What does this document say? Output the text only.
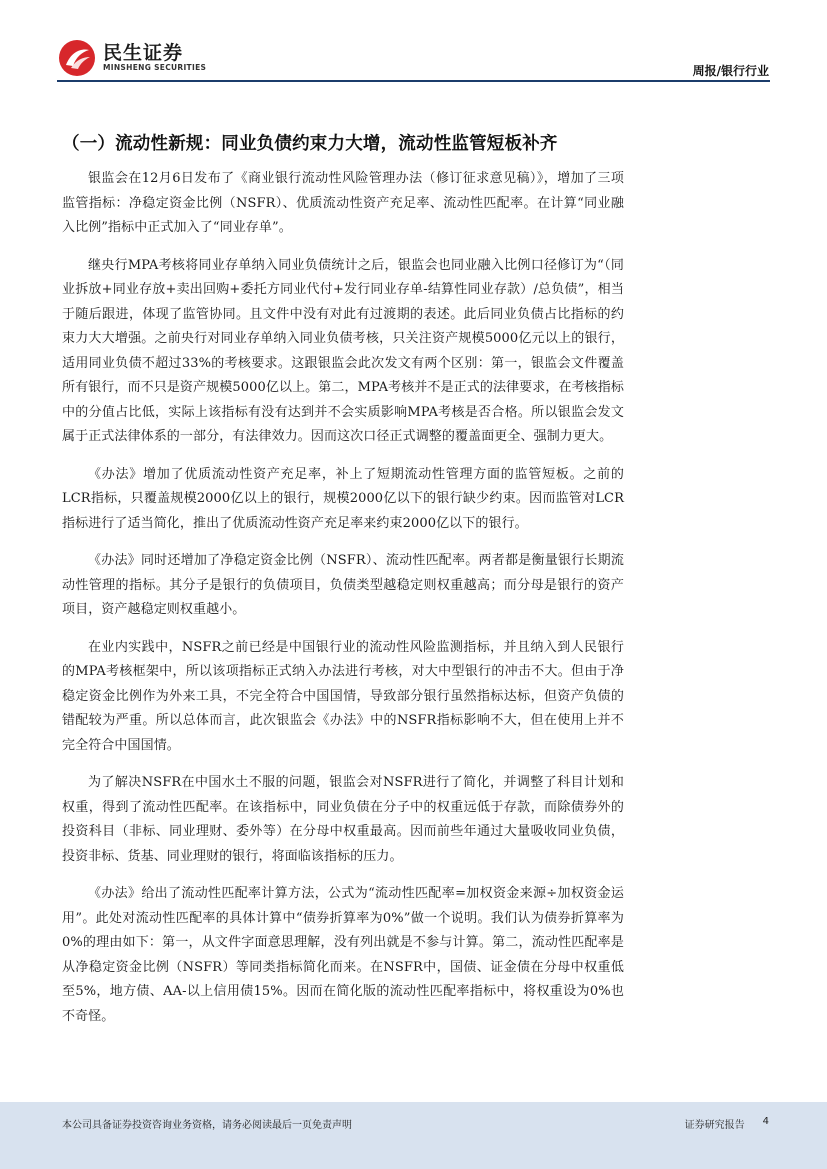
民生证券
MINSHENG SECURITIES	周报/银行行业
（一）流动性新规：同业负债约束力大增，流动性监管短板补齐

银监会在12月6日发布了《商业银行流动性风险管理办法（修订征求意见稿）》，增加了三项监管指标：净稳定资金比例（NSFR）、优质流动性资产充足率、流动性匹配率。在计算“同业融入比例”指标中正式加入了“同业存单”。

继央行MPA考核将同业存单纳入同业负债统计之后，银监会也同业融入比例口径修订为“（同业拆放+同业存放+卖出回购+委托方同业代付+发行同业存单-结算性同业存款）/总负债”，相当于随后跟进，体现了监管协同。且文件中没有对此有过渡期的表述。此后同业负债占比指标的约束力大大增强。之前央行对同业存单纳入同业负债考核，只关注资产规模5000亿元以上的银行，适用同业负债不超过33%的考核要求。这跟银监会此次发文有两个区别：第一，银监会文件覆盖所有银行，而不只是资产规模5000亿以上。第二，MPA考核并不是正式的法律要求，在考核指标中的分值占比低，实际上该指标有没有达到并不会实质影响MPA考核是否合格。所以银监会发文属于正式法律体系的一部分，有法律效力。因而这次口径正式调整的覆盖面更全、强制力更大。

《办法》增加了优质流动性资产充足率，补上了短期流动性管理方面的监管短板。之前的LCR指标，只覆盖规模2000亿以上的银行，规模2000亿以下的银行缺少约束。因而监管对LCR指标进行了适当简化，推出了优质流动性资产充足率来约束2000亿以下的银行。

《办法》同时还增加了净稳定资金比例（NSFR）、流动性匹配率。两者都是衡量银行长期流动性管理的指标。其分子是银行的负债项目，负债类型越稳定则权重越高；而分母是银行的资产项目，资产越稳定则权重越小。

在业内实践中，NSFR之前已经是中国银行业的流动性风险监测指标，并且纳入到人民银行的MPA考核框架中，所以该项指标正式纳入办法进行考核，对大中型银行的冲击不大。但由于净稳定资金比例作为外来工具，不完全符合中国国情，导致部分银行虽然指标达标，但资产负债的错配较为严重。所以总体而言，此次银监会《办法》中的NSFR指标影响不大，但在使用上并不完全符合中国国情。

为了解决NSFR在中国水土不服的问题，银监会对NSFR进行了简化，并调整了科目计划和权重，得到了流动性匹配率。在该指标中，同业负债在分子中的权重远低于存款，而除债券外的投资科目（非标、同业理财、委外等）在分母中权重最高。因而前些年通过大量吸收同业负债，投资非标、货基、同业理财的银行，将面临该指标的压力。

《办法》给出了流动性匹配率计算方法，公式为“流动性匹配率=加权资金来源÷加权资金运用”。此处对流动性匹配率的具体计算中“债券折算率为0%”做一个说明。我们认为债券折算率为0%的理由如下：第一，从文件字面意思理解，没有列出就是不参与计算。第二，流动性匹配率是从净稳定资金比例（NSFR）等同类指标简化而来。在NSFR中，国债、证金债在分母中权重低至5%，地方债、AA-以上信用债15%。因而在简化版的流动性匹配率指标中，将权重设为0%也不奇怪。

本公司具备证券投资咨询业务资格，请务必阅读最后一页免责声明	证券研究报告 4
